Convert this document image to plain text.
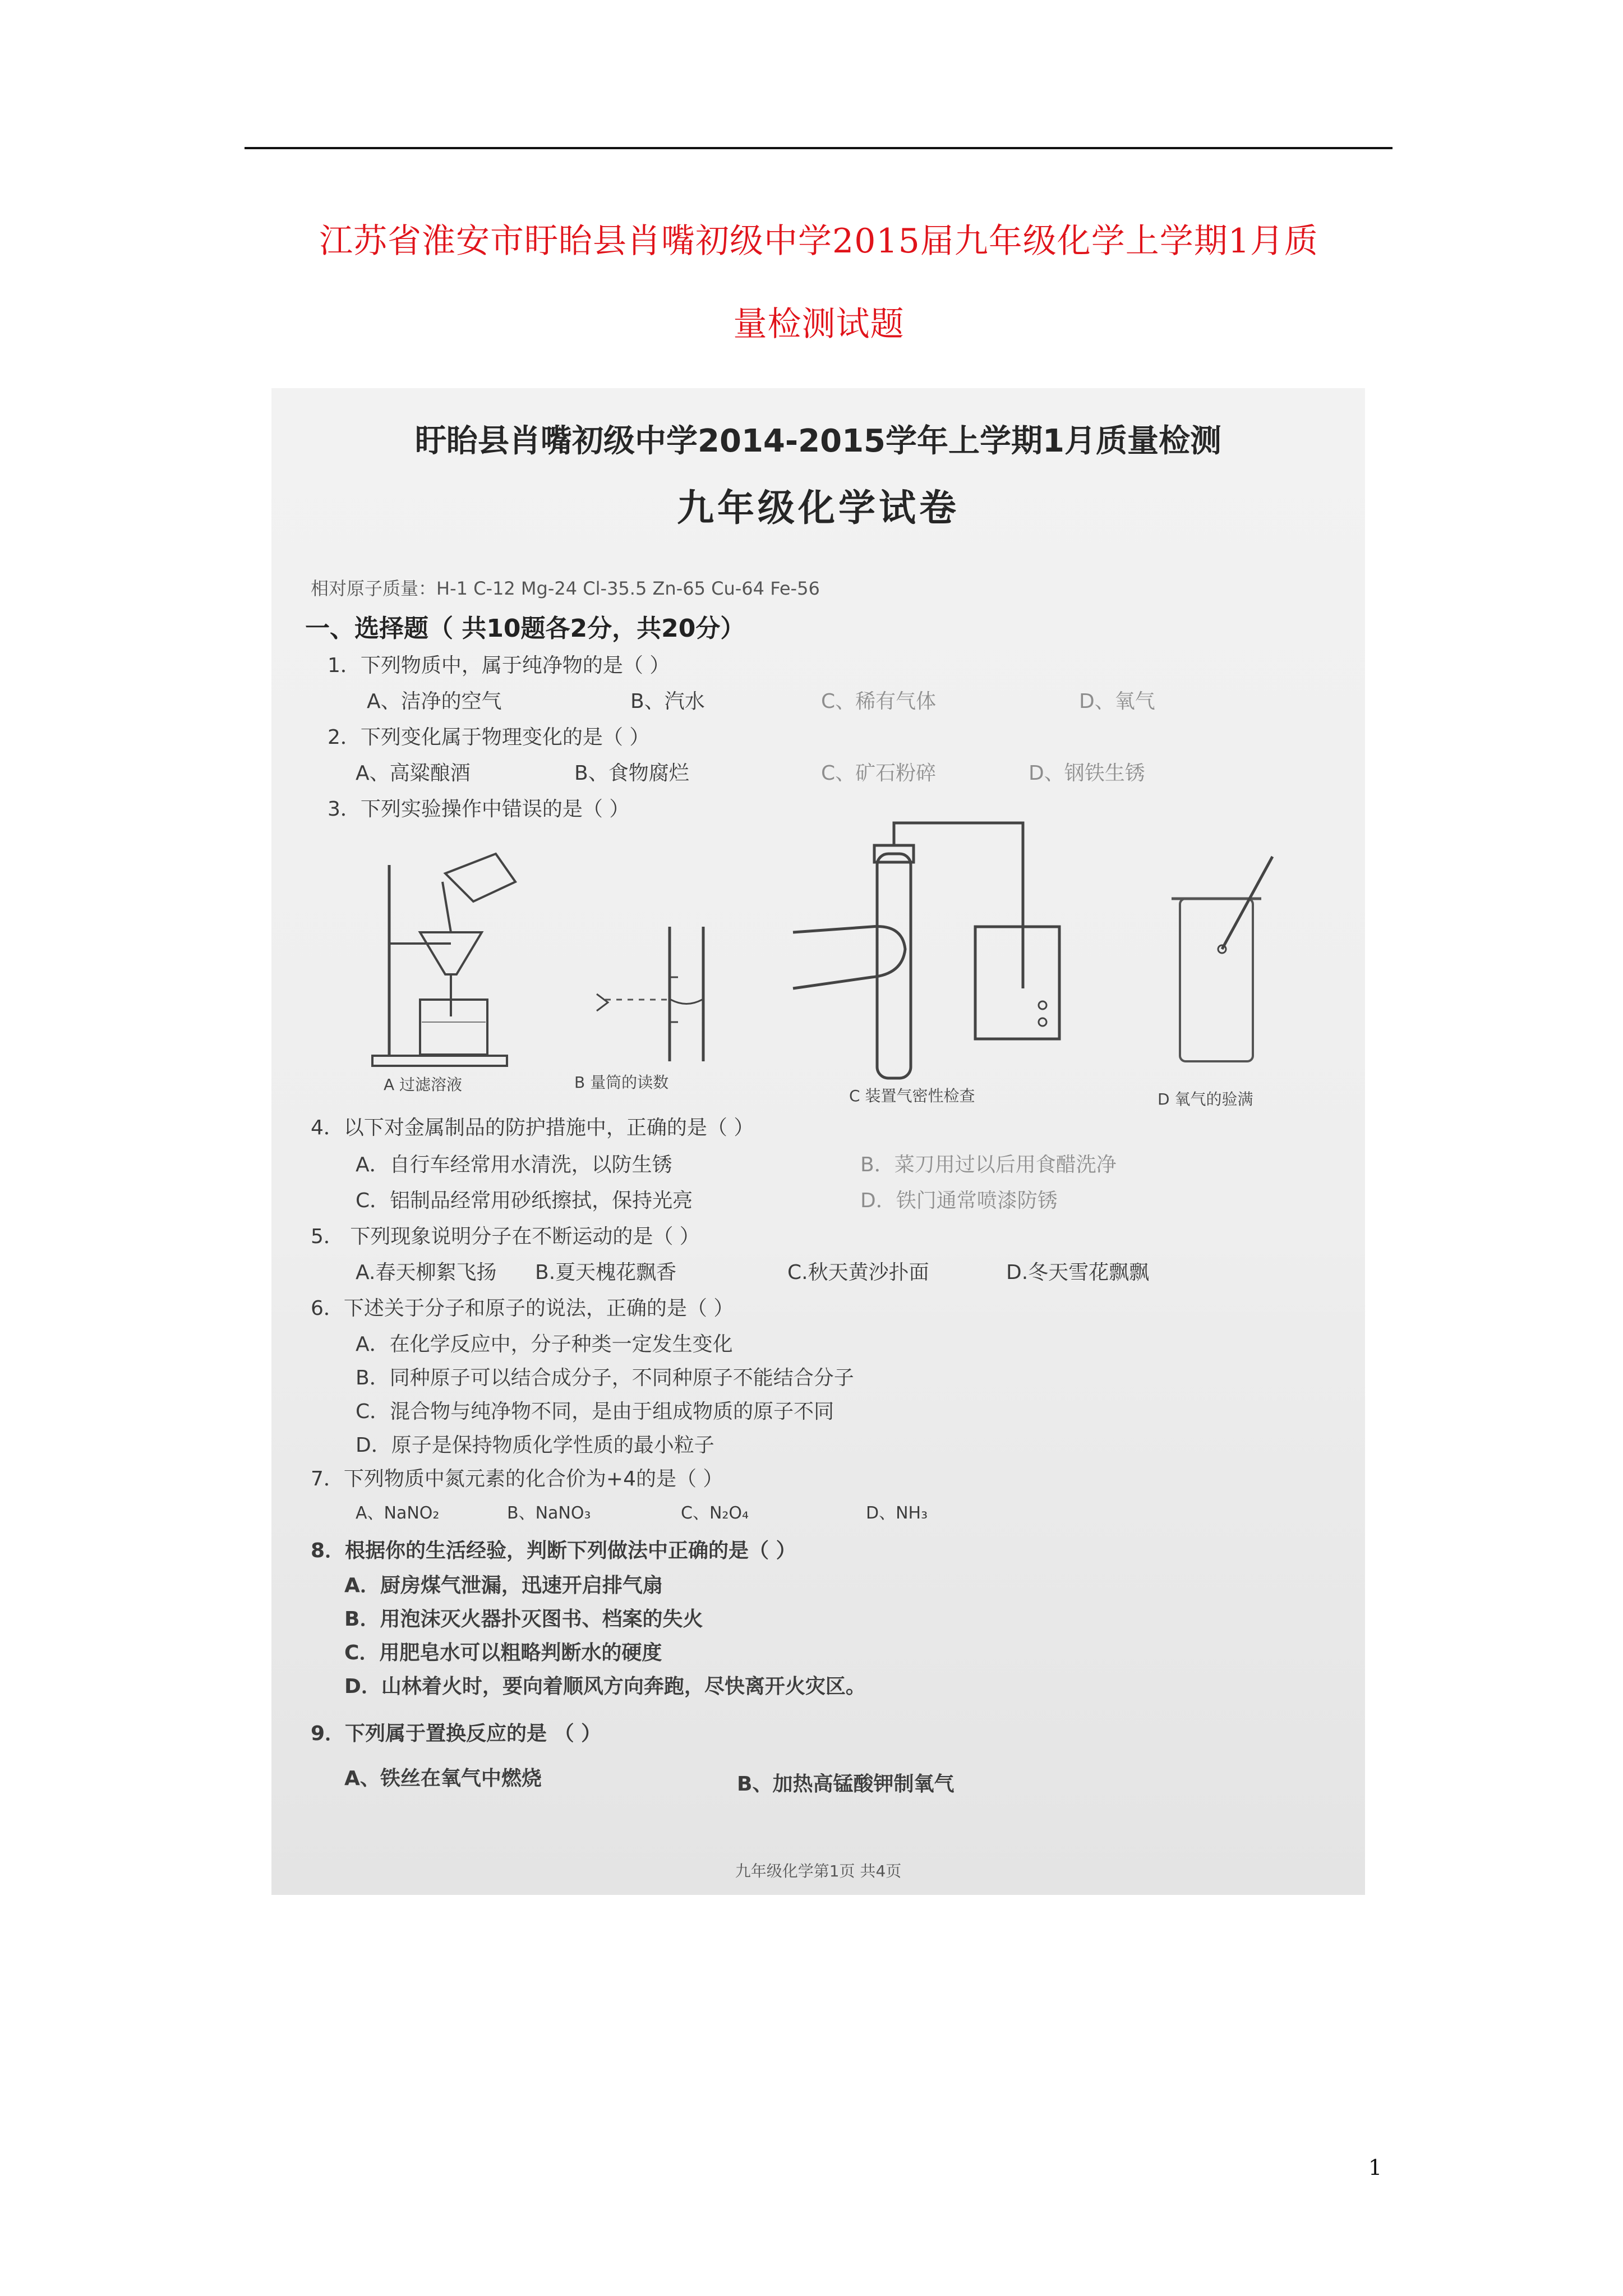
江苏省淮安市盱眙县肖嘴初级中学2015届九年级化学上学期1月质
量检测试题
盱眙县肖嘴初级中学2014-2015学年上学期1月质量检测
九年级化学试卷
相对原子质量：H-1 C-12 Mg-24 Cl-35.5 Zn-65 Cu-64 Fe-56
一、选择题（ 共10题各2分，共20分）
1．下列物质中，属于纯净物的是（ ）
A、洁净的空气	B、汽水	C、稀有气体	D、氧气
2．下列变化属于物理变化的是（ ）
A、高粱酿酒	B、食物腐烂	C、矿石粉碎	D、钢铁生锈
3．下列实验操作中错误的是（ ）
A 过滤溶液	B 量筒的读数
C 装置气密性检查	D 氧气的验满
4．以下对金属制品的防护措施中，正确的是（ ）
A．自行车经常用水清洗，以防生锈	B．菜刀用过以后用食醋洗净
C．铝制品经常用砂纸擦拭，保持光亮	D．铁门通常喷漆防锈
5． 下列现象说明分子在不断运动的是（ ）
A.春天柳絮飞扬 B.夏天槐花飘香	C.秋天黄沙扑面	D.冬天雪花飘飘
6．下述关于分子和原子的说法，正确的是（ ）
A．在化学反应中，分子种类一定发生变化
B．同种原子可以结合成分子，不同种原子不能结合分子
C．混合物与纯净物不同，是由于组成物质的原子不同
D．原子是保持物质化学性质的最小粒子
7．下列物质中氮元素的化合价为+4的是（ ）
A、NaNO₂	B、NaNO₃	C、N₂O₄	D、NH₃
8．根据你的生活经验，判断下列做法中正确的是（ ）
A．厨房煤气泄漏，迅速开启排气扇
B．用泡沫灭火器扑灭图书、档案的失火
C．用肥皂水可以粗略判断水的硬度
D．山林着火时，要向着顺风方向奔跑，尽快离开火灾区。
9．下列属于置换反应的是 （ ）
A、铁丝在氧气中燃烧	B、加热高锰酸钾制氧气
九年级化学第1页 共4页
1
